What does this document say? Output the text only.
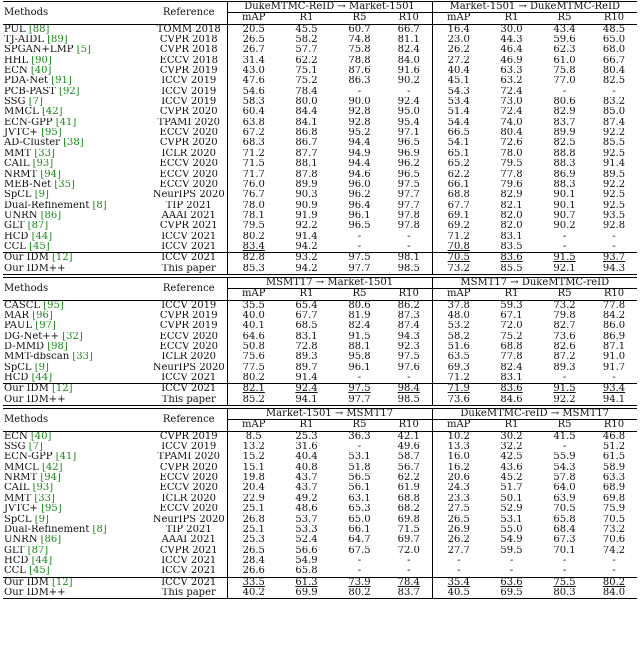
Methods	Reference	DukeMTMC-ReID → Market-1501				Market-1501 → DukeMTMC-ReID			
		mAP	R1	R5	R10	mAP	R1	R5	R10
PUL [88]	TOMM 2018	20.5	45.5	60.7	66.7	16.4	30.0	43.4	48.5
TJ-AIDL [89]	CVPR 2018	26.5	58.2	74.8	81.1	23.0	44.3	59.6	65.0
SPGAN+LMP [5]	CVPR 2018	26.7	57.7	75.8	82.4	26.2	46.4	62.3	68.0
HHL [90]	ECCV 2018	31.4	62.2	78.8	84.0	27.2	46.9	61.0	66.7
ECN [40]	CVPR 2019	43.0	75.1	87.6	91.6	40.4	63.3	75.8	80.4
PDA-Net [91]	ICCV 2019	47.6	75.2	86.3	90.2	45.1	63.2	77.0	82.5
PCB-PAST [92]	ICCV 2019	54.6	78.4	-	-	54.3	72.4	-	-
SSG [7]	ICCV 2019	58.3	80.0	90.0	92.4	53.4	73.0	80.6	83.2
MMCL [42]	CVPR 2020	60.4	84.4	92.8	95.0	51.4	72.4	82.9	85.0
ECN-GPP [41]	TPAMI 2020	63.8	84.1	92.8	95.4	54.4	74.0	83.7	87.4
JVTC+ [95]	ECCV 2020	67.2	86.8	95.2	97.1	66.5	80.4	89.9	92.2
AD-Cluster [38]	CVPR 2020	68.3	86.7	94.4	96.5	54.1	72.6	82.5	85.5
MMT [33]	ICLR 2020	71.2	87.7	94.9	96.9	65.1	78.0	88.8	92.5
CAIL [93]	ECCV 2020	71.5	88.1	94.4	96.2	65.2	79.5	88.3	91.4
NRMT [94]	ECCV 2020	71.7	87.8	94.6	96.5	62.2	77.8	86.9	89.5
MEB-Net [35]	ECCV 2020	76.0	89.9	96.0	97.5	66.1	79.6	88.3	92.2
SpCL [9]	NeurIPS 2020	76.7	90.3	96.2	97.7	68.8	82.9	90.1	92.5
Dual-Refinement [8]	TIP 2021	78.0	90.9	96.4	97.7	67.7	82.1	90.1	92.5
UNRN [86]	AAAI 2021	78.1	91.9	96.1	97.8	69.1	82.0	90.7	93.5
GLT [87]	CVPR 2021	79.5	92.2	96.5	97.8	69.2	82.0	90.2	92.8
HCD [44]	ICCV 2021	80.2	91.4	-	-	71.2	83.1	-	-
CCL [45]	ICCV 2021	83.4	94.2	-	-	70.8	83.5	-	-
Our IDM [12]	ICCV 2021	82.8	93.2	97.5	98.1	70.5	83.6	91.5	93.7
Our IDM++	This paper	85.3	94.2	97.7	98.5	73.2	85.5	92.1	94.3
Methods	Reference	MSMT17 → Market-1501				MSMT17 → DukeMTMC-reID			
		mAP	R1	R5	R10	mAP	R1	R5	R10
CASCL [95]	ICCV 2019	35.5	65.4	80.6	86.2	37.8	59.3	73.2	77.8
MAR [96]	CVPR 2019	40.0	67.7	81.9	87.3	48.0	67.1	79.8	84.2
PAUL [97]	CVPR 2019	40.1	68.5	82.4	87.4	53.2	72.0	82.7	86.0
DG-Net++ [32]	ECCV 2020	64.6	83.1	91.5	94.3	58.2	75.2	73.6	86.9
D-MMD [98]	ECCV 2020	50.8	72.8	88.1	92.3	51.6	68.8	82.6	87.1
MMT-dbscan [33]	ICLR 2020	75.6	89.3	95.8	97.5	63.5	77.8	87.2	91.0
SpCL [9]	NeurIPS 2020	77.5	89.7	96.1	97.6	69.3	82.4	89.3	91.7
HCD [44]	ICCV 2021	80.2	91.4	-	-	71.2	83.1	-	-
Our IDM [12]	ICCV 2021	82.1	92.4	97.5	98.4	71.9	83.6	91.5	93.4
Our IDM++	This paper	85.2	94.1	97.7	98.5	73.6	84.6	92.2	94.1
Methods	Reference	Market-1501 → MSMT17				DukeMTMC-reID → MSMT17			
		mAP	R1	R5	R10	mAP	R1	R5	R10
ECN [40]	CVPR 2019	8.5	25.3	36.3	42.1	10.2	30.2	41.5	46.8
SSG [7]	ICCV 2019	13.2	31.6	-	49.6	13.3	32.2	-	51.2
ECN-GPP [41]	TPAMI 2020	15.2	40.4	53.1	58.7	16.0	42.5	55.9	61.5
MMCL [42]	CVPR 2020	15.1	40.8	51.8	56.7	16.2	43.6	54.3	58.9
NRMT [94]	ECCV 2020	19.8	43.7	56.5	62.2	20.6	45.2	57.8	63.3
CAIL [93]	ECCV 2020	20.4	43.7	56.1	61.9	24.3	51.7	64.0	68.9
MMT [33]	ICLR 2020	22.9	49.2	63.1	68.8	23.3	50.1	63.9	69.8
JVTC+ [95]	ECCV 2020	25.1	48.6	65.3	68.2	27.5	52.9	70.5	75.9
SpCL [9]	NeurIPS 2020	26.8	53.7	65.0	69.8	26.5	53.1	65.8	70.5
Dual-Refinement [8]	TIP 2021	25.1	53.3	66.1	71.5	26.9	55.0	68.4	73.2
UNRN [86]	AAAI 2021	25.3	52.4	64.7	69.7	26.2	54.9	67.3	70.6
GLT [87]	CVPR 2021	26.5	56.6	67.5	72.0	27.7	59.5	70.1	74.2
HCD [44]	ICCV 2021	28.4	54.9	-	-	-	-	-	-
CCL [45]	ICCV 2021	26.6	65.8	-	-	-	-	-	-
Our IDM [12]	ICCV 2021	33.5	61.3	73.9	78.4	35.4	63.6	75.5	80.2
Our IDM++	This paper	40.2	69.9	80.2	83.7	40.5	69.5	80.3	84.0
